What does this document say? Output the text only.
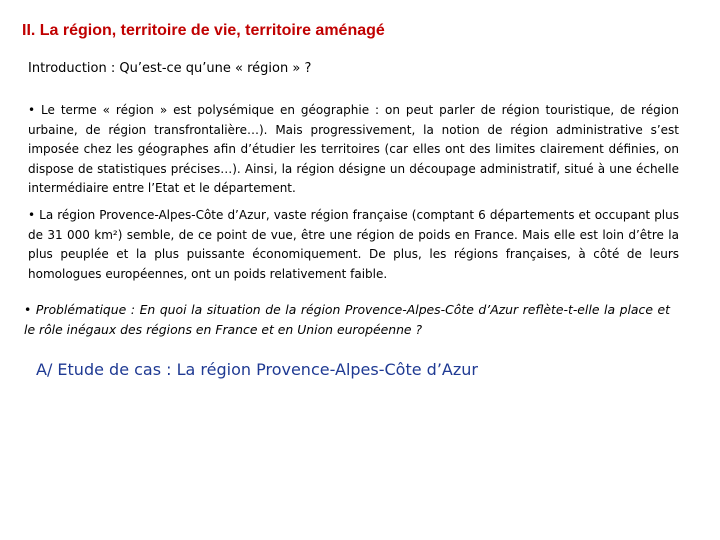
II. La région, territoire de vie, territoire aménagé
Introduction : Qu’est-ce qu’une « région » ?
• Le terme « région » est polysémique en géographie : on peut parler de région touristique, de région urbaine, de région transfrontalière…). Mais progressivement, la notion de région administrative s’est imposée chez les géographes afin d’étudier les territoires (car elles ont des limites clairement définies, on dispose de statistiques précises…). Ainsi, la région désigne un découpage administratif, situé à une échelle intermédiaire entre l’Etat et le département.
• La région Provence-Alpes-Côte d’Azur, vaste région française (comptant 6 départements et occupant plus de 31 000 km²) semble, de ce point de vue, être une région de poids en France. Mais elle est loin d’être la plus peuplée et la plus puissante économiquement. De plus, les régions françaises, à côté de leurs homologues européennes, ont un poids relativement faible.
• Problématique : En quoi la situation de la région Provence-Alpes-Côte d’Azur reflète-t-elle la place et le rôle inégaux des régions en France et en Union européenne ?
A/ Etude de cas : La région Provence-Alpes-Côte d’Azur
